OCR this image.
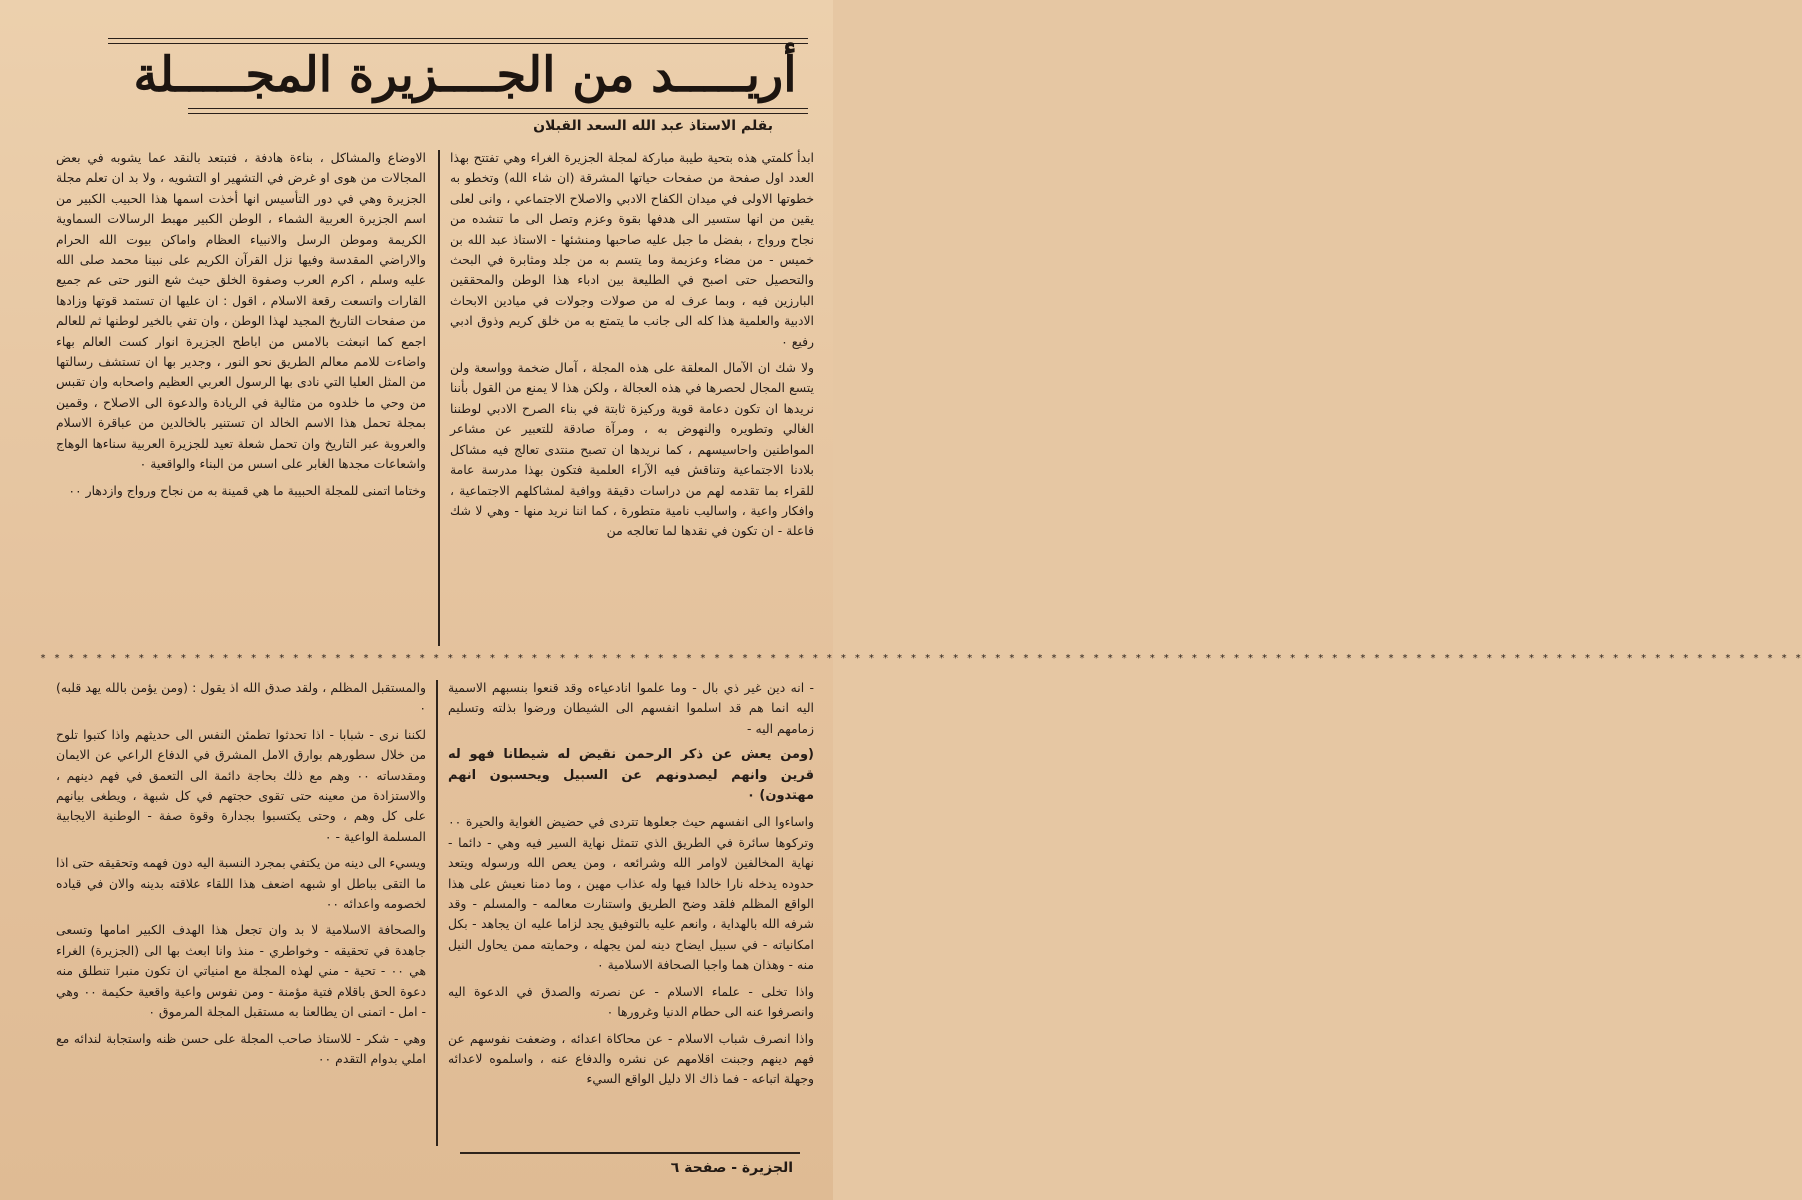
أريـــــد من الجــــزيرة المجـــــلة
بقلم الاستاذ عبد الله السعد القبلان

ابدأ كلمتي هذه بتحية طيبة مباركة لمجلة الجزيرة الغراء وهي تفتتح بهذا العدد اول صفحة من صفحات حياتها المشرقة (ان شاء الله) وتخطو به خطوتها الاولى في ميدان الكفاح الادبي والاصلاح الاجتماعي ، وانى لعلى يقين من انها ستسير الى هدفها بقوة وعزم وتصل الى ما تنشده من نجاح ورواج ، بفضل ما جبل عليه صاحبها ومنشئها - الاستاذ عبد الله بن خميس - من مضاء وعزيمة وما يتسم به من جلد ومثابرة في البحث والتحصيل حتى اصبح في الطليعة بين ادباء هذا الوطن والمحققين البارزين فيه ، وبما عرف له من صولات وجولات في ميادين الابحاث الادبية والعلمية هذا كله الى جانب ما يتمتع به من خلق كريم وذوق ادبي رفيع ٠

ولا شك ان الآمال المعلقة على هذه المجلة ، آمال ضخمة وواسعة ولن يتسع المجال لحصرها في هذه العجالة ، ولكن هذا لا يمنع من القول بأننا نريدها ان تكون دعامة قوية وركيزة ثابتة في بناء الصرح الادبي لوطننا الغالي وتطويره والنهوض به ، ومرآة صادقة للتعبير عن مشاعر المواطنين واحاسيسهم ، كما نريدها ان تصبح منتدى تعالج فيه مشاكل بلادنا الاجتماعية وتناقش فيه الآراء العلمية فتكون بهذا مدرسة عامة للقراء بما تقدمه لهم من دراسات دقيقة ووافية لمشاكلهم الاجتماعية ، وافكار واعية ، واساليب نامية متطورة ، كما اننا نريد منها - وهي لا شك فاعلة - ان تكون في نقدها لما تعالجه من

الاوضاع والمشاكل ، بناءة هادفة ، فتبتعد بالنقد عما يشوبه في بعض المجالات من هوى او غرض في التشهير او التشويه ، ولا بد ان تعلم مجلة الجزيرة وهي في دور التأسيس انها أخذت اسمها هذا الحبيب الكبير من اسم الجزيرة العربية الشماء ، الوطن الكبير مهبط الرسالات السماوية الكريمة وموطن الرسل والانبياء العظام واماكن بيوت الله الحرام والاراضي المقدسة وفيها نزل القرآن الكريم على نبينا محمد صلى الله عليه وسلم ، اكرم العرب وصفوة الخلق حيث شع النور حتى عم جميع القارات واتسعت رقعة الاسلام ، اقول : ان عليها ان تستمد قوتها وزادها من صفحات التاريخ المجيد لهذا الوطن ، وان تفي بالخير لوطنها ثم للعالم اجمع كما انبعثت بالامس من اباطح الجزيرة انوار كست العالم بهاء واضاءت للامم معالم الطريق نحو النور ، وجدير بها ان تستشف رسالتها من المثل العليا التي نادى بها الرسول العربي العظيم واصحابه وان تقبس من وحي ما خلدوه من مثالية في الريادة والدعوة الى الاصلاح ، وقمين بمجلة تحمل هذا الاسم الخالد ان تستنير بالخالدين من عباقرة الاسلام والعروبة عبر التاريخ وان تحمل شعلة تعيد للجزيرة العربية سناءها الوهاج واشعاعات مجدها الغابر على اسس من البناء والواقعية ٠

وختاما اتمنى للمجلة الحبيبة ما هي قمينة به من نجاح ورواج وازدهار ٠٠

* * * * * * * * * * * * * * * * * * * * * * * * * * * * * * * * * * * * * * * * * * * * * * * * * * * * * * * * * * * * * * * * * * * * * * * * * * * * * * * * * * * * * * * * * * * * * * * * * * * * * * * * * * * * * * * * * * * * * * * * * * * * * *

- انه دين غير ذي بال - وما علموا انادعياءه وقد قنعوا بنسبهم الاسمية اليه انما هم قد اسلموا انفسهم الى الشيطان ورضوا بذلته وتسليم زمامهم اليه -

(ومن يعش عن ذكر الرحمن نقيض له شيطانا فهو له قرين وانهم ليصدونهم عن السبيل ويحسبون انهم مهتدون) ٠

واساءوا الى انفسهم حيث جعلوها تتردى في حضيض الغواية والحيرة ٠٠ وتركوها سائرة في الطريق الذي تتمثل نهاية السير فيه وهي - دائما - نهاية المخالفين لاوامر الله وشرائعه ، ومن يعص الله ورسوله ويتعد حدوده يدخله نارا خالدا فيها وله عذاب مهين ، وما دمنا نعيش على هذا الواقع المظلم فلقد وضح الطريق واستنارت معالمه - والمسلم - وقد شرفه الله بالهداية ، وانعم عليه بالتوفيق يجد لزاما عليه ان يجاهد - بكل امكانياته - في سبيل ايضاح دينه لمن يجهله ، وحمايته ممن يحاول النيل منه - وهذان هما واجبا الصحافة الاسلامية ٠

واذا تخلى - علماء الاسلام - عن نصرته والصدق في الدعوة اليه وانصرفوا عنه الى حطام الدنيا وغرورها ٠

واذا انصرف شباب الاسلام - عن محاكاة اعدائه ، وضعفت نفوسهم عن فهم دينهم وجبنت اقلامهم عن نشره والدفاع عنه ، واسلموه لاعدائه وجهلة اتباعه - فما ذاك الا دليل الواقع السيء

والمستقبل المظلم ، ولقد صدق الله اذ يقول : (ومن يؤمن بالله يهد قلبه) ٠

لكننا نرى - شبابا - اذا تحدثوا تطمئن النفس الى حديثهم واذا كتبوا تلوح من خلال سطورهم بوارق الامل المشرق في الدفاع الراعي عن الايمان ومقدساته ٠٠ وهم مع ذلك بحاجة دائمة الى التعمق في فهم دينهم ، والاستزادة من معينه حتى تقوى حجتهم في كل شبهة ، ويطغى بيانهم على كل وهم ، وحتى يكتسبوا بجدارة وقوة صفة - الوطنية الايجابية المسلمة الواعية - ٠

ويسيء الى دينه من يكتفي بمجرد النسبة اليه دون فهمه وتحقيقه حتى اذا ما التقى بباطل او شبهه اضعف هذا اللقاء علاقته بدينه والان في قياده لخصومه واعدائه ٠٠

والصحافة الاسلامية لا بد وان تجعل هذا الهدف الكبير امامها وتسعى جاهدة في تحقيقه - وخواطري - منذ وانا ابعث بها الى (الجزيرة) الغراء هي ٠٠ - تحية - مني لهذه المجلة مع امنياتي ان تكون منبرا تنطلق منه دعوة الحق باقلام فتية مؤمنة - ومن نفوس واعية واقعية حكيمة ٠٠ وهي - امل - اتمنى ان يطالعنا به مستقبل المجلة المرموق ٠

وهي - شكر - للاستاذ صاحب المجلة على حسن ظنه واستجابة لندائه مع املي بدوام التقدم ٠٠

الجزيرة - صفحة ٦
